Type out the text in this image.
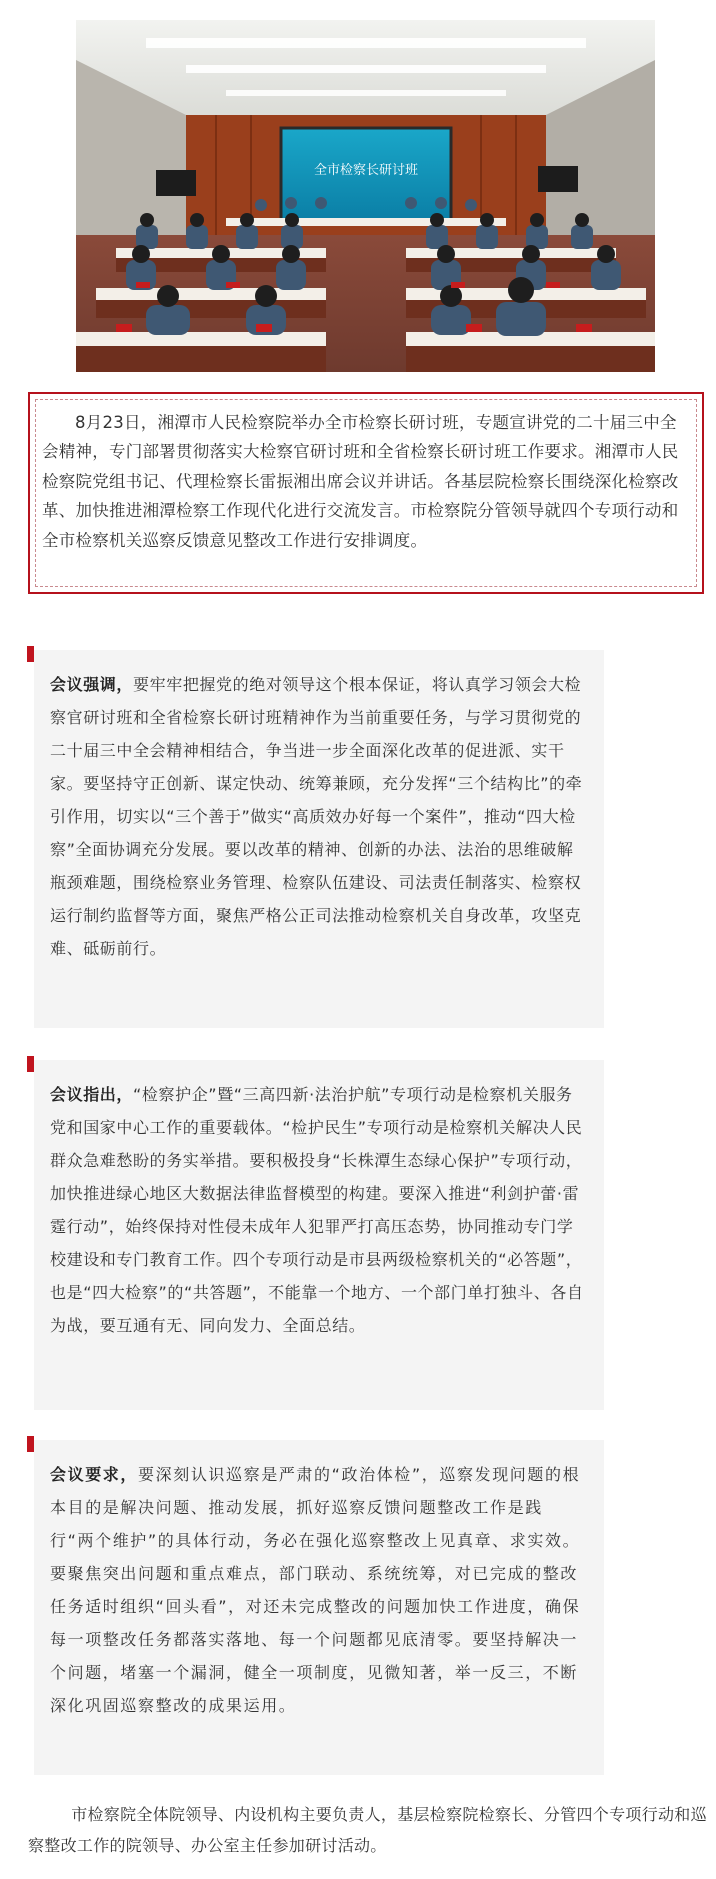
全市检察长研讨班

8月23日，湘潭市人民检察院举办全市检察长研讨班，专题宣讲党的二十届三中全会精神，专门部署贯彻落实大检察官研讨班和全省检察长研讨班工作要求。湘潭市人民检察院党组书记、代理检察长雷振湘出席会议并讲话。各基层院检察长围绕深化检察改革、加快推进湘潭检察工作现代化进行交流发言。市检察院分管领导就四个专项行动和全市检察机关巡察反馈意见整改工作进行安排调度。

会议强调，要牢牢把握党的绝对领导这个根本保证，将认真学习领会大检察官研讨班和全省检察长研讨班精神作为当前重要任务，与学习贯彻党的二十届三中全会精神相结合，争当进一步全面深化改革的促进派、实干家。要坚持守正创新、谋定快动、统筹兼顾，充分发挥“三个结构比”的牵引作用，切实以“三个善于”做实“高质效办好每一个案件”，推动“四大检察”全面协调充分发展。要以改革的精神、创新的办法、法治的思维破解瓶颈难题，围绕检察业务管理、检察队伍建设、司法责任制落实、检察权运行制约监督等方面，聚焦严格公正司法推动检察机关自身改革，攻坚克难、砥砺前行。

会议指出，“检察护企”暨“三高四新·法治护航”专项行动是检察机关服务党和国家中心工作的重要载体。“检护民生”专项行动是检察机关解决人民群众急难愁盼的务实举措。要积极投身“长株潭生态绿心保护”专项行动，加快推进绿心地区大数据法律监督模型的构建。要深入推进“利剑护蕾·雷霆行动”，始终保持对性侵未成年人犯罪严打高压态势，协同推动专门学校建设和专门教育工作。四个专项行动是市县两级检察机关的“必答题”，也是“四大检察”的“共答题”，不能靠一个地方、一个部门单打独斗、各自为战，要互通有无、同向发力、全面总结。

会议要求，要深刻认识巡察是严肃的“政治体检”，巡察发现问题的根本目的是解决问题、推动发展，抓好巡察反馈问题整改工作是践行“两个维护”的具体行动，务必在强化巡察整改上见真章、求实效。要聚焦突出问题和重点难点，部门联动、系统统筹，对已完成的整改任务适时组织“回头看”，对还未完成整改的问题加快工作进度，确保每一项整改任务都落实落地、每一个问题都见底清零。要坚持解决一个问题，堵塞一个漏洞，健全一项制度，见微知著，举一反三，不断深化巩固巡察整改的成果运用。

市检察院全体院领导、内设机构主要负责人，基层检察院检察长、分管四个专项行动和巡察整改工作的院领导、办公室主任参加研讨活动。
